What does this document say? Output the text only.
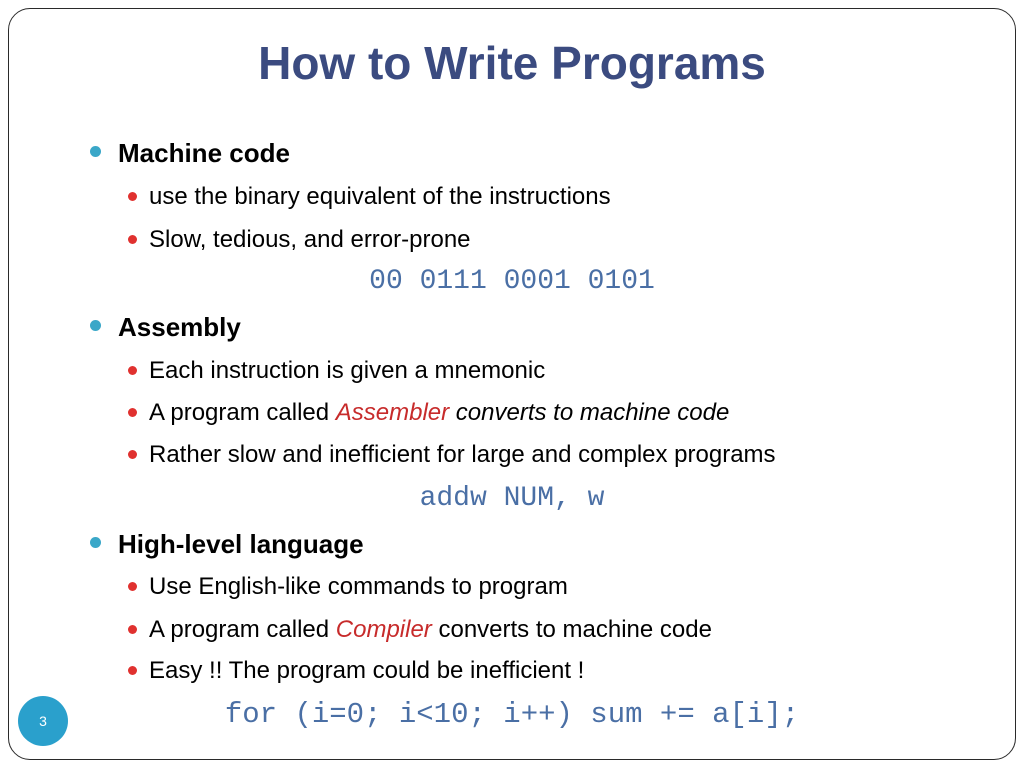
How to Write Programs
Machine code
use the binary equivalent of the instructions
Slow, tedious, and error-prone
00 0111 0001 0101
Assembly
Each instruction is given a mnemonic
A program called Assembler converts to machine code
Rather slow and inefficient for large and complex programs
addw NUM, w
High-level language
Use English-like commands to program
A program called Compiler converts to machine code
Easy !! The program could be inefficient !
for (i=0; i<10; i++) sum += a[i];
3
